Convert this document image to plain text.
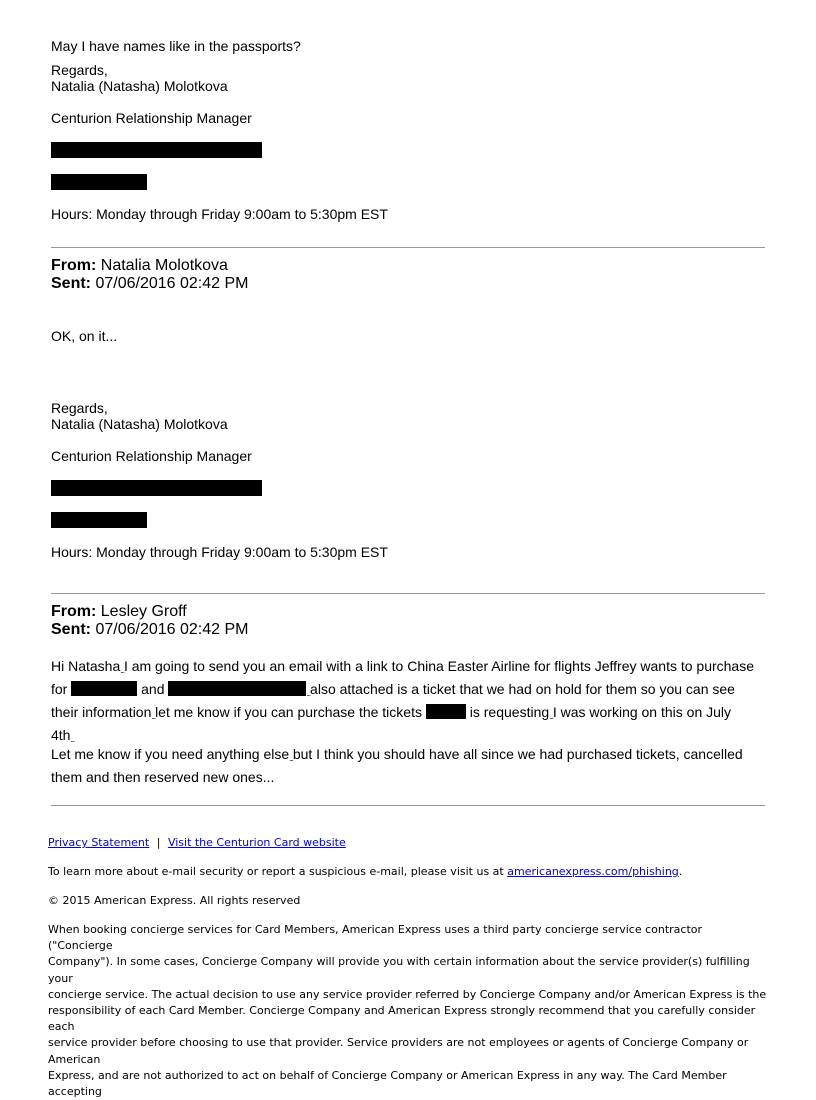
May I have names like in the passports?
Regards,
Natalia (Natasha) Molotkova
Centurion Relationship Manager
Hours: Monday through Friday 9:00am to 5:30pm EST
From: Natalia Molotkova
Sent: 07/06/2016 02:42 PM
OK, on it...
Regards,
Natalia (Natasha) Molotkova
Centurion Relationship Manager
Hours: Monday through Friday 9:00am to 5:30pm EST
From: Lesley Groff
Sent: 07/06/2016 02:42 PM
Hi Natasha...I am going to send you an email with a link to China Easter Airline for flights Jeffrey wants to purchase
for	and	...also attached is a ticket that we had on hold for them so you can see
their information...let me know if you can purchase the tickets	is requesting...I was working on this on July
4th...
Let me know if you need anything else...but I think you should have all since we had purchased tickets, cancelled
them and then reserved new ones...
Privacy Statement | Visit the Centurion Card website
To learn more about e-mail security or report a suspicious e-mail, please visit us at americanexpress.com/phishing.
© 2015 American Express. All rights reserved
When booking concierge services for Card Members, American Express uses a third party concierge service contractor ("Concierge
Company"). In some cases, Concierge Company will provide you with certain information about the service provider(s) fulfilling your
concierge service. The actual decision to use any service provider referred by Concierge Company and/or American Express is the
responsibility of each Card Member. Concierge Company and American Express strongly recommend that you carefully consider each
service provider before choosing to use that provider. Service providers are not employees or agents of Concierge Company or American
Express, and are not authorized to act on behalf of Concierge Company or American Express in any way. The Card Member accepting
